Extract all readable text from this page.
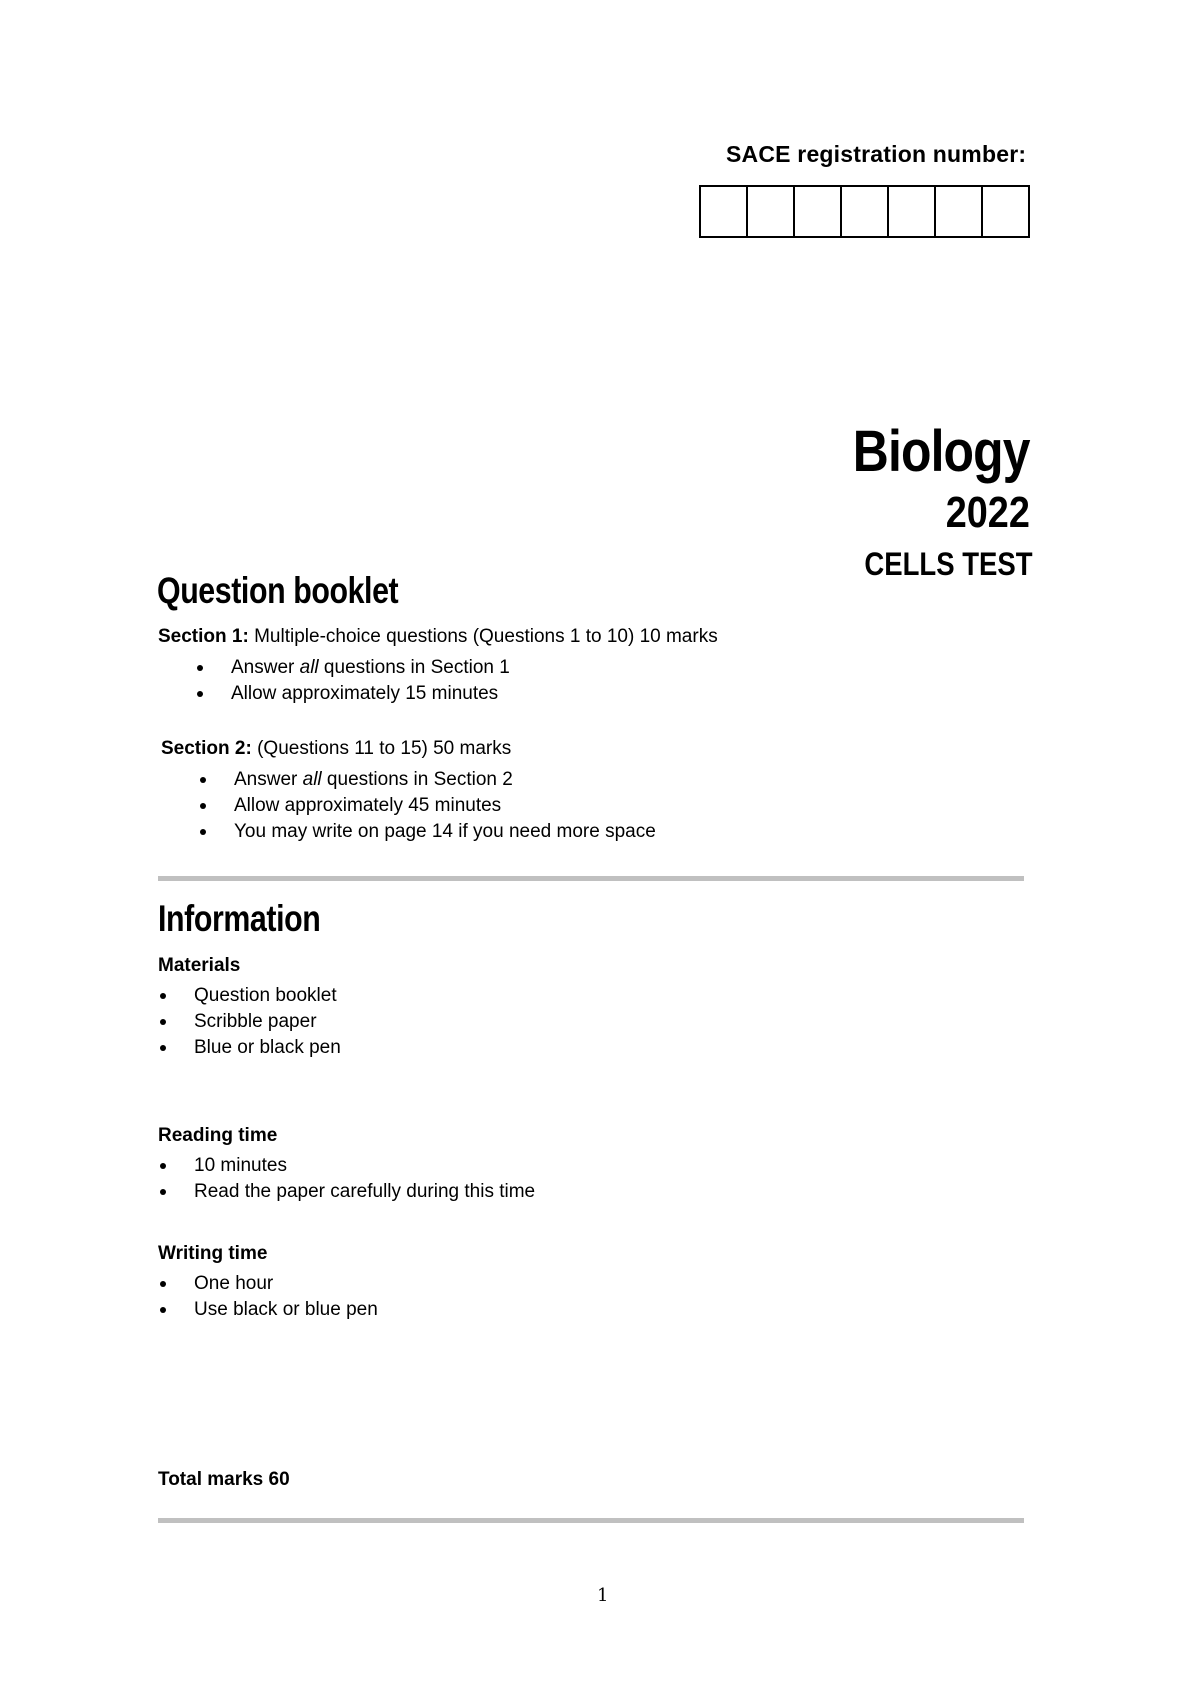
SACE registration number:
Biology
2022
CELLS TEST
Question booklet
Section 1: Multiple-choice questions (Questions 1 to 10) 10 marks
Answer all questions in Section 1
Allow approximately 15 minutes
Section 2: (Questions 11 to 15) 50 marks
Answer all questions in Section 2
Allow approximately 45 minutes
You may write on page 14 if you need more space
Information
Materials
Question booklet
Scribble paper
Blue or black pen
Reading time
10 minutes
Read the paper carefully during this time
Writing time
One hour
Use black or blue pen
Total marks 60
1
